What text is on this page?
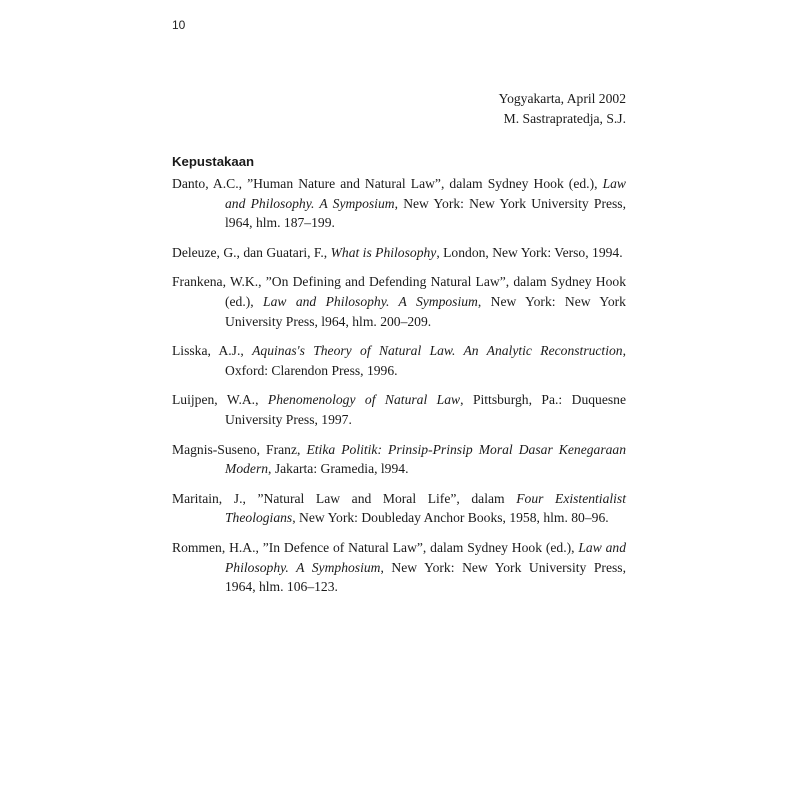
10
Yogyakarta, April 2002
M. Sastrapratedja, S.J.
Kepustakaan
Danto, A.C., ”Human Nature and Natural Law”, dalam Sydney Hook (ed.), Law and Philosophy. A Symposium, New York: New York University Press, l964, hlm. 187–199.
Deleuze, G., dan Guatari, F., What is Philosophy, London, New York: Verso, 1994.
Frankena, W.K., ”On Defining and Defending Natural Law”, dalam Sydney Hook (ed.), Law and Philosophy. A Symposium, New York: New York University Press, l964, hlm. 200–209.
Lisska, A.J., Aquinas's Theory of Natural Law. An Analytic Reconstruction, Oxford: Clarendon Press, 1996.
Luijpen, W.A., Phenomenology of Natural Law, Pittsburgh, Pa.: Duquesne University Press, 1997.
Magnis-Suseno, Franz, Etika Politik: Prinsip-Prinsip Moral Dasar Kenegaraan Modern, Jakarta: Gramedia, l994.
Maritain, J., ”Natural Law and Moral Life”, dalam Four Existentialist Theologians, New York: Doubleday Anchor Books, 1958, hlm. 80–96.
Rommen, H.A., ”In Defence of Natural Law”, dalam Sydney Hook (ed.), Law and Philosophy. A Symphosium, New York: New York University Press, 1964, hlm. 106–123.
